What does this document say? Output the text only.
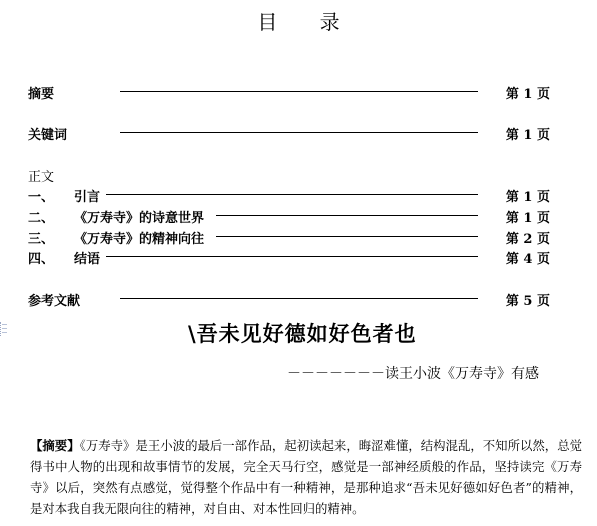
目 录
摘要	第 1 页
关键词	第 1 页
正文
一、 引言	第 1 页
二、 《万寿寺》的诗意世界	第 1 页
三、 《万寿寺》的精神向往	第 2 页
四、 结语	第 4 页
参考文献	第 5 页
\吾未见好德如好色者也
－－－－－－－读王小波《万寿寺》有感
【摘要】《万寿寺》是王小波的最后一部作品，起初读起来，晦涩难懂，结构混乱，不知所以然，总觉得书中人物的出现和故事情节的发展，完全天马行空，感觉是一部神经质般的作品，坚持读完《万寿寺》以后，突然有点感觉，觉得整个作品中有一种精神，是那种追求“吾未见好德如好色者”的精神，是对本我自我无限向往的精神，对自由、对本性回归的精神。
